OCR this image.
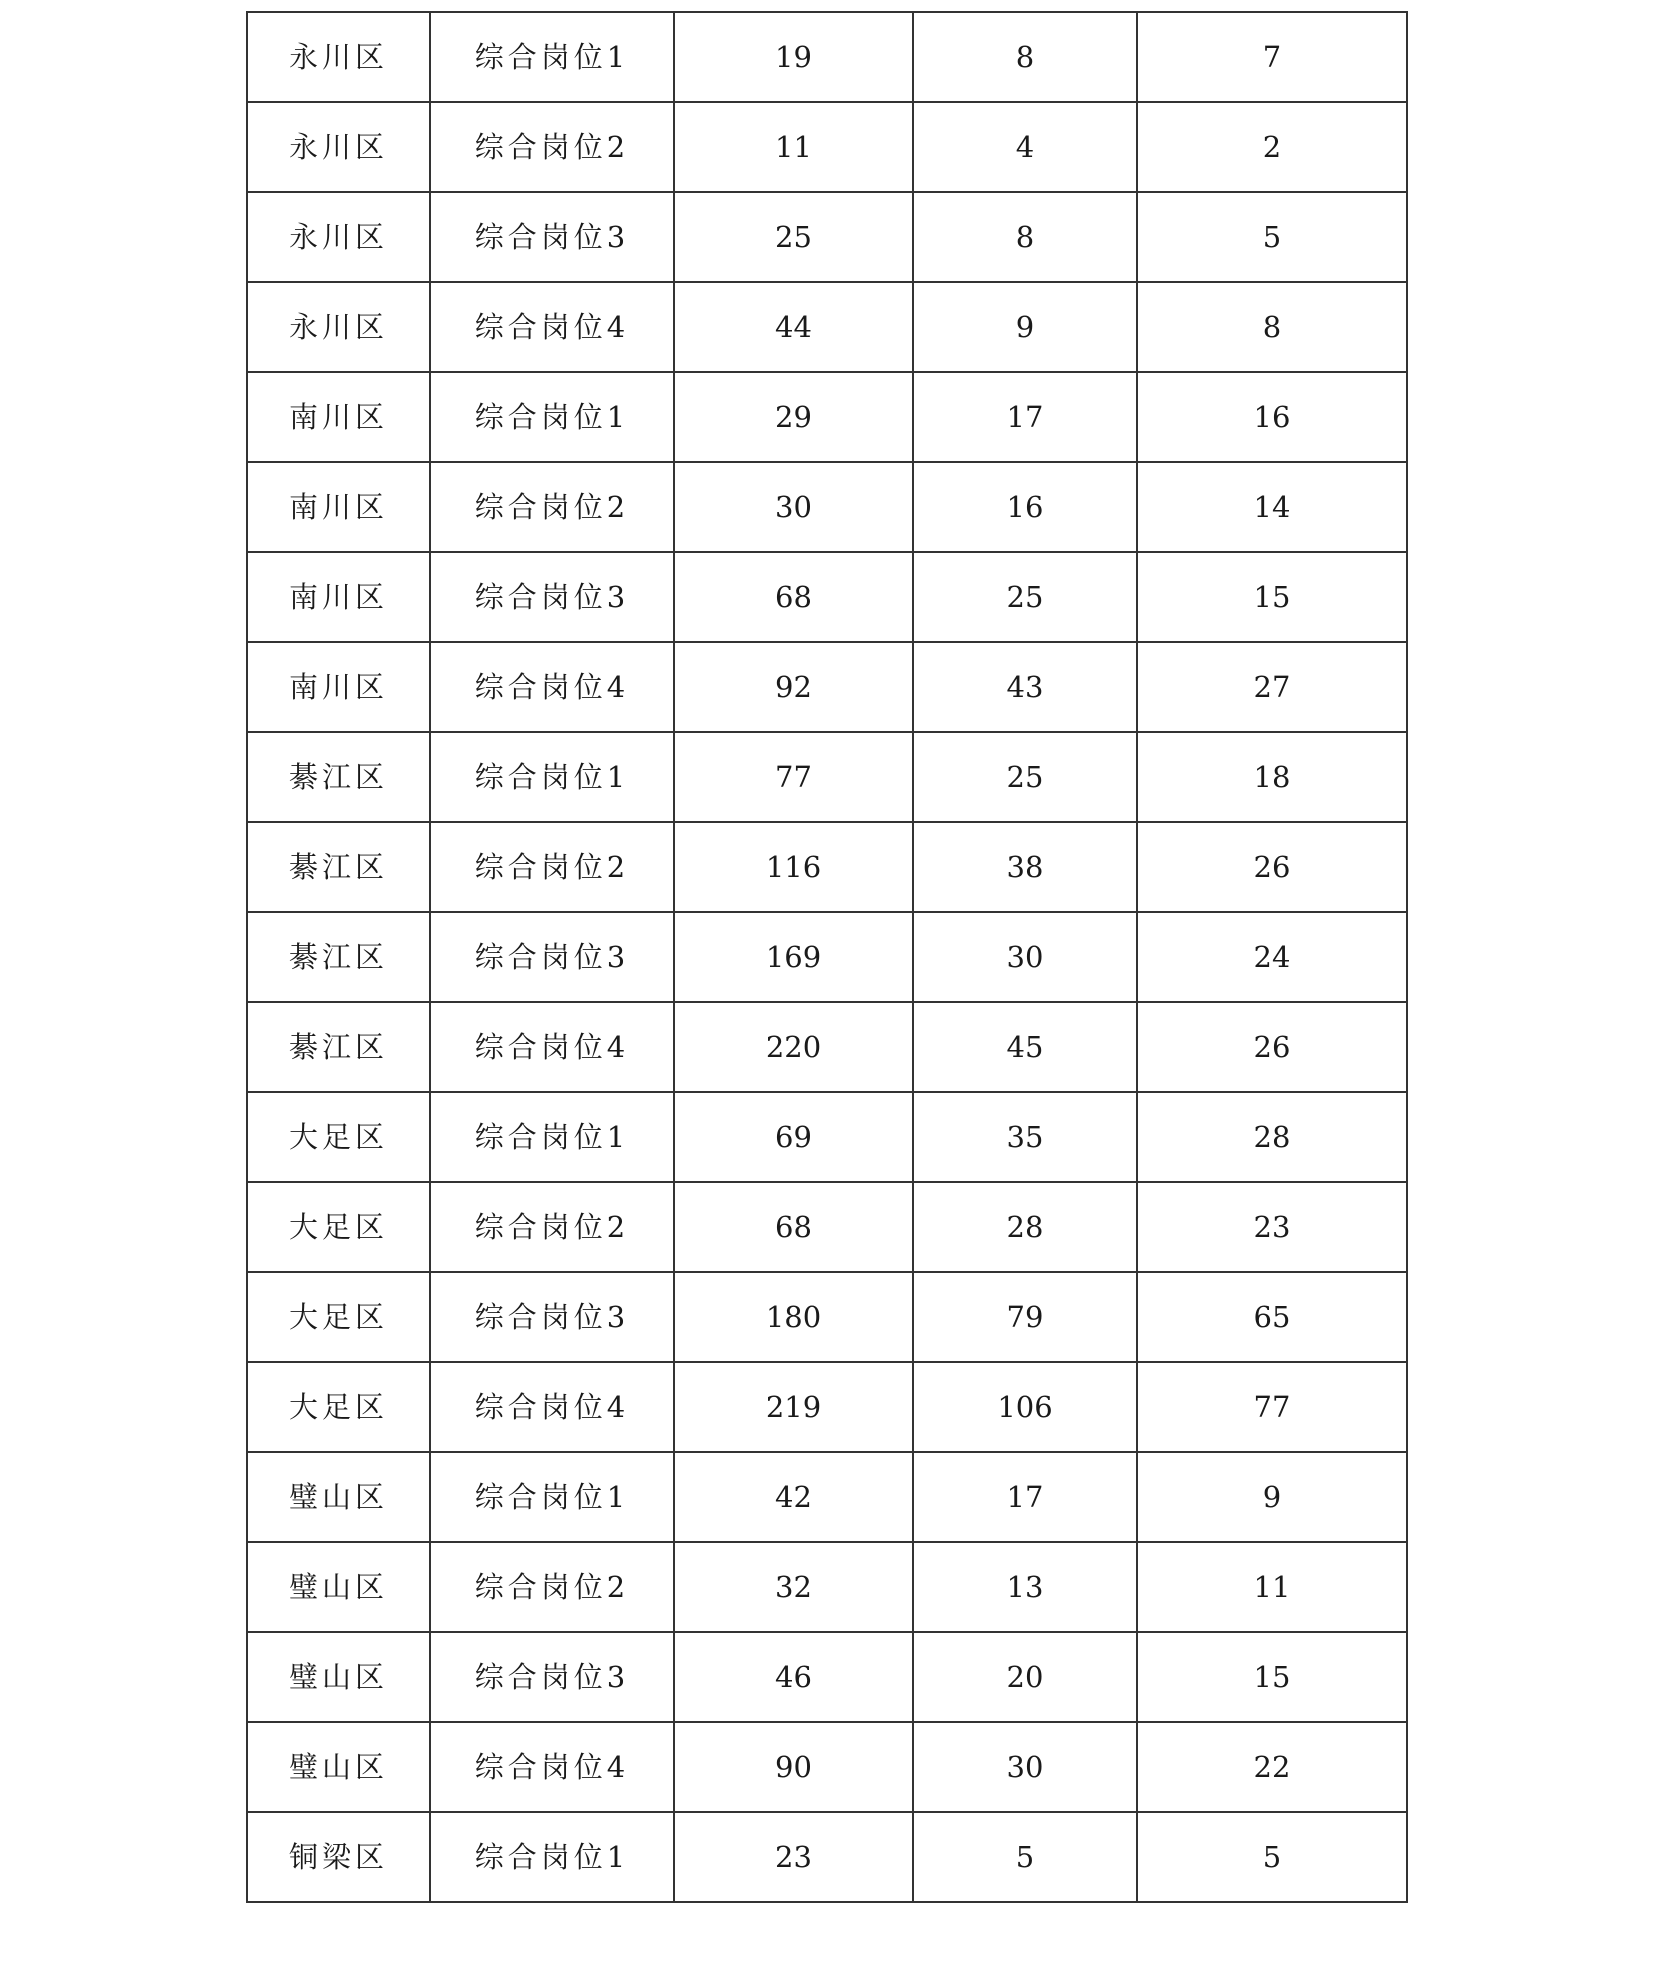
永川区	综合岗位1	19	8	7
永川区	综合岗位2	11	4	2
永川区	综合岗位3	25	8	5
永川区	综合岗位4	44	9	8
南川区	综合岗位1	29	17	16
南川区	综合岗位2	30	16	14
南川区	综合岗位3	68	25	15
南川区	综合岗位4	92	43	27
綦江区	综合岗位1	77	25	18
綦江区	综合岗位2	116	38	26
綦江区	综合岗位3	169	30	24
綦江区	综合岗位4	220	45	26
大足区	综合岗位1	69	35	28
大足区	综合岗位2	68	28	23
大足区	综合岗位3	180	79	65
大足区	综合岗位4	219	106	77
璧山区	综合岗位1	42	17	9
璧山区	综合岗位2	32	13	11
璧山区	综合岗位3	46	20	15
璧山区	综合岗位4	90	30	22
铜梁区	综合岗位1	23	5	5
